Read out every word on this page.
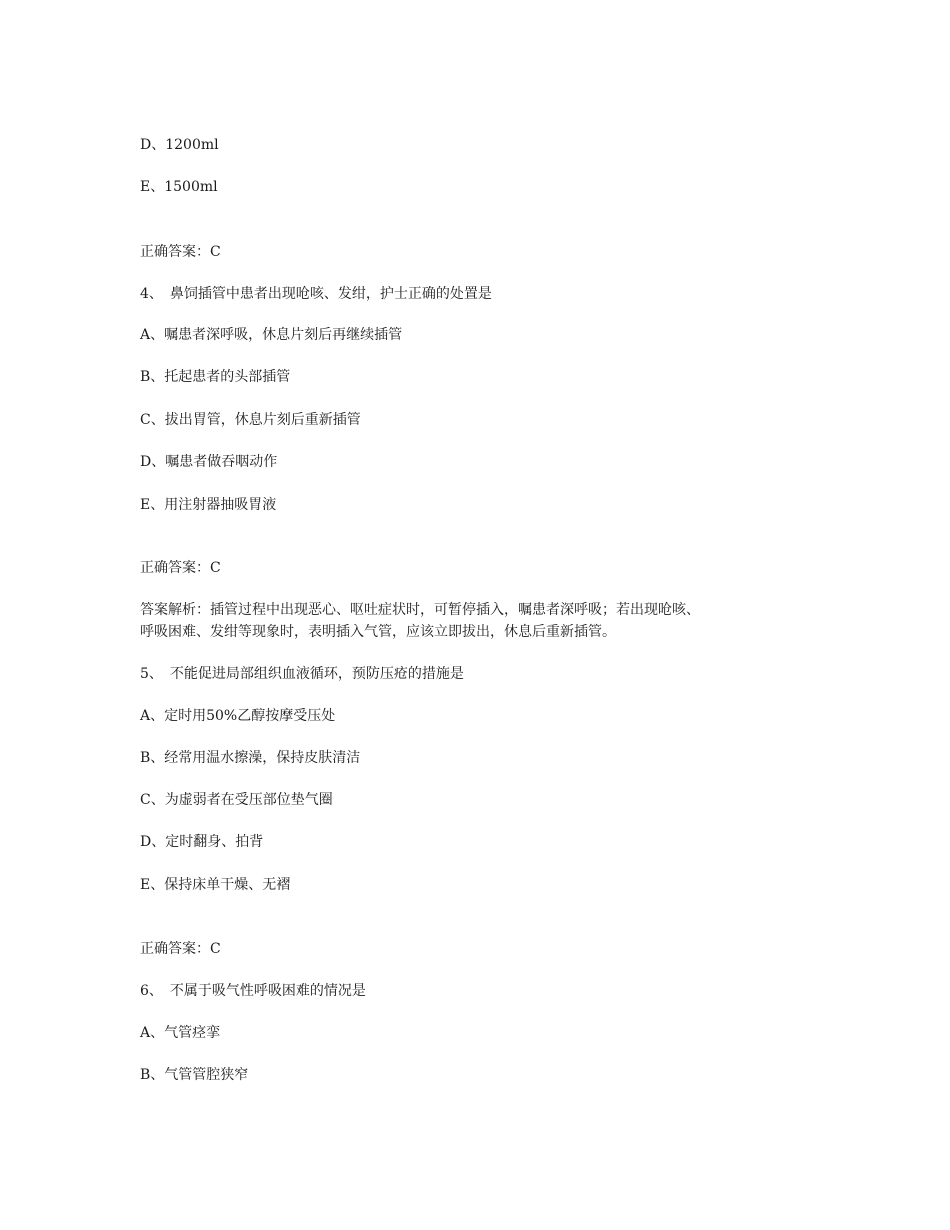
D、1200ml
E、1500ml
正确答案：C
4、　鼻饲插管中患者出现呛咳、发绀，护士正确的处置是
A、嘱患者深呼吸，休息片刻后再继续插管
B、托起患者的头部插管
C、拔出胃管，休息片刻后重新插管
D、嘱患者做吞咽动作
E、用注射器抽吸胃液
正确答案：C
答案解析：插管过程中出现恶心、呕吐症状时，可暂停插入，嘱患者深呼吸；若出现呛咳、
呼吸困难、发绀等现象时，表明插入气管，应该立即拔出，休息后重新插管。
5、　不能促进局部组织血液循环，预防压疮的措施是
A、定时用50%乙醇按摩受压处
B、经常用温水擦澡，保持皮肤清洁
C、为虚弱者在受压部位垫气圈
D、定时翻身、拍背
E、保持床单干燥、无褶
正确答案：C
6、　不属于吸气性呼吸困难的情况是
A、气管痉挛
B、气管管腔狭窄
